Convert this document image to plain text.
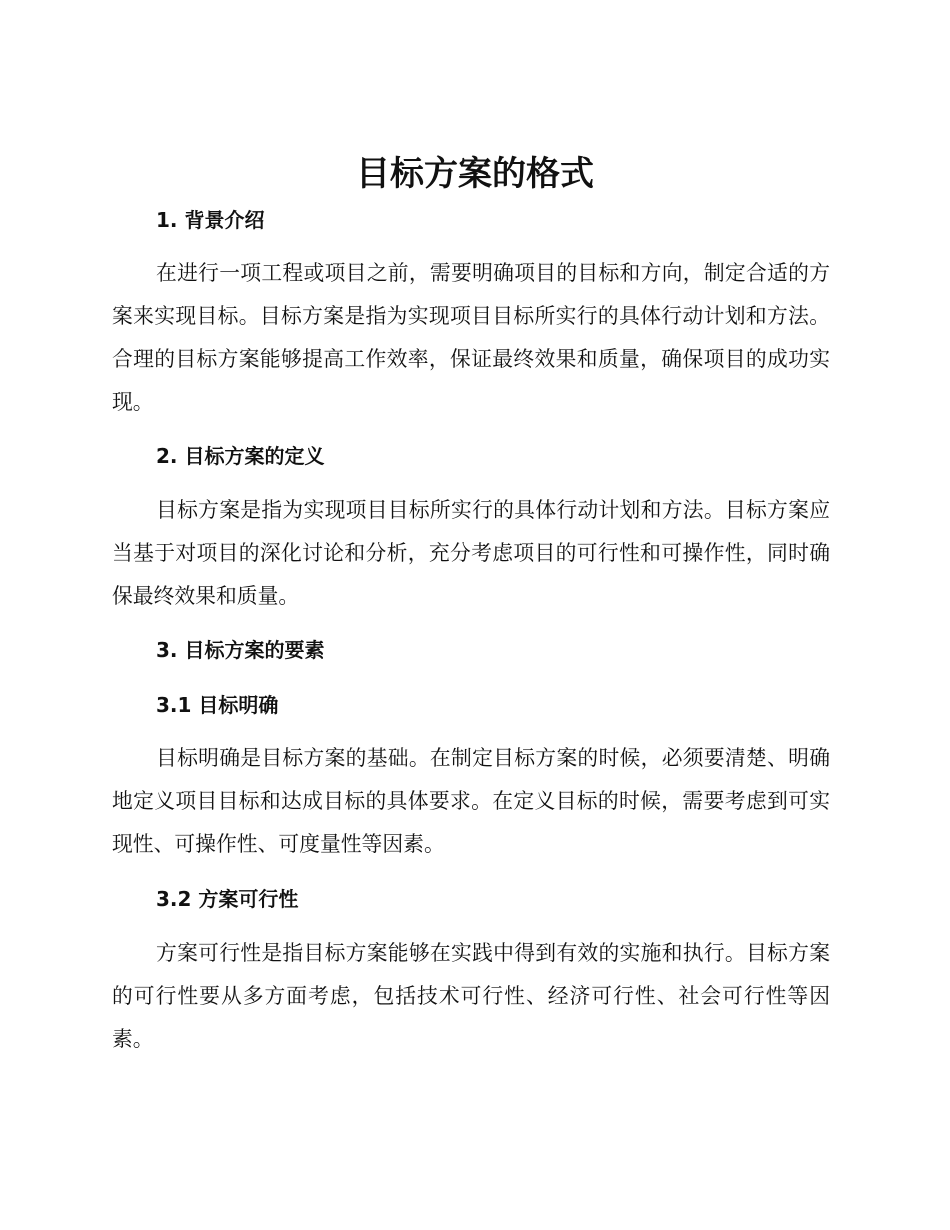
目标方案的格式
1. 背景介绍

在进行一项工程或项目之前，需要明确项目的目标和方向，制定合适的方案来实现目标。目标方案是指为实现项目目标所实行的具体行动计划和方法。合理的目标方案能够提高工作效率，保证最终效果和质量，确保项目的成功实现。

2. 目标方案的定义

目标方案是指为实现项目目标所实行的具体行动计划和方法。目标方案应当基于对项目的深化讨论和分析，充分考虑项目的可行性和可操作性，同时确保最终效果和质量。

3. 目标方案的要素
3.1 目标明确

目标明确是目标方案的基础。在制定目标方案的时候，必须要清楚、明确地定义项目目标和达成目标的具体要求。在定义目标的时候，需要考虑到可实现性、可操作性、可度量性等因素。

3.2 方案可行性

方案可行性是指目标方案能够在实践中得到有效的实施和执行。目标方案的可行性要从多方面考虑，包括技术可行性、经济可行性、社会可行性等因素。
